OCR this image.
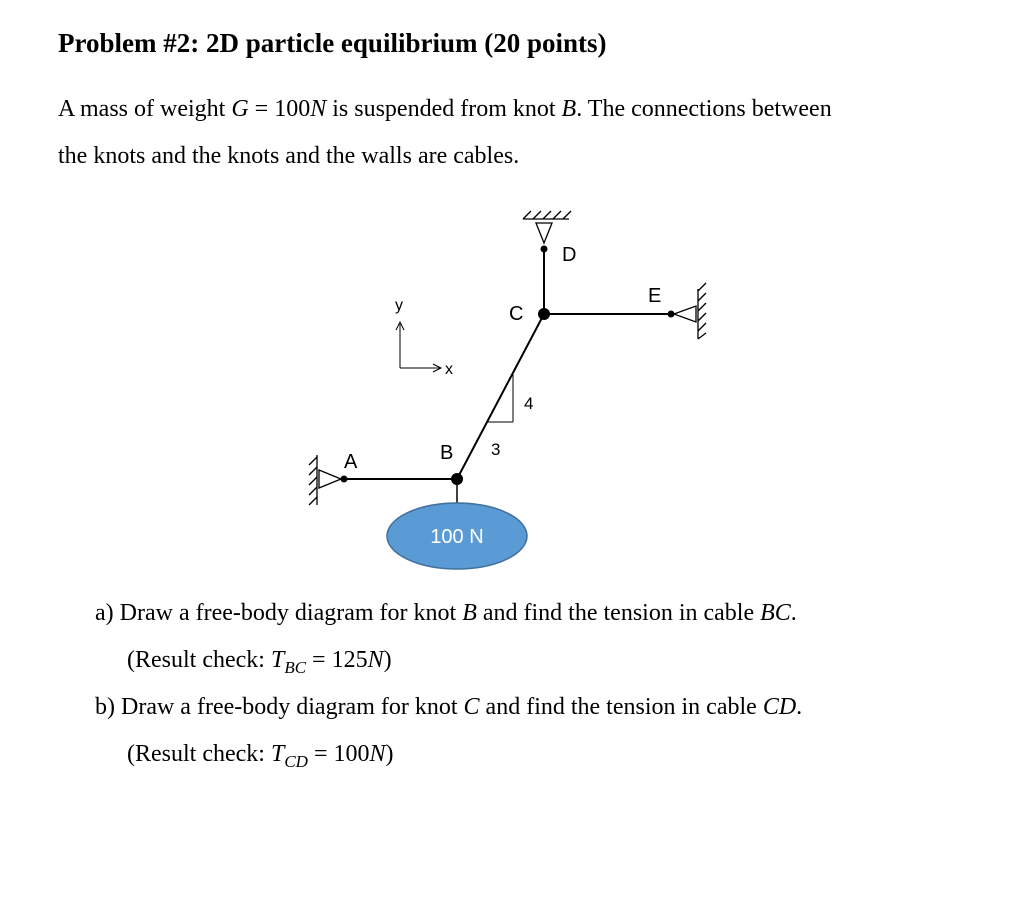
Problem #2: 2D particle equilibrium (20 points)
A mass of weight G = 100N is suspended from knot B. The connections between
the knots and the knots and the walls are cables.
y
x
A	B
C
D
E
4
3
100 N
a) Draw a free-body diagram for knot B and find the tension in cable BC.
(Result check: $T_{BC} = 125N$)
b) Draw a free-body diagram for knot C and find the tension in cable CD.
(Result check: $T_{CD} = 100N$)
